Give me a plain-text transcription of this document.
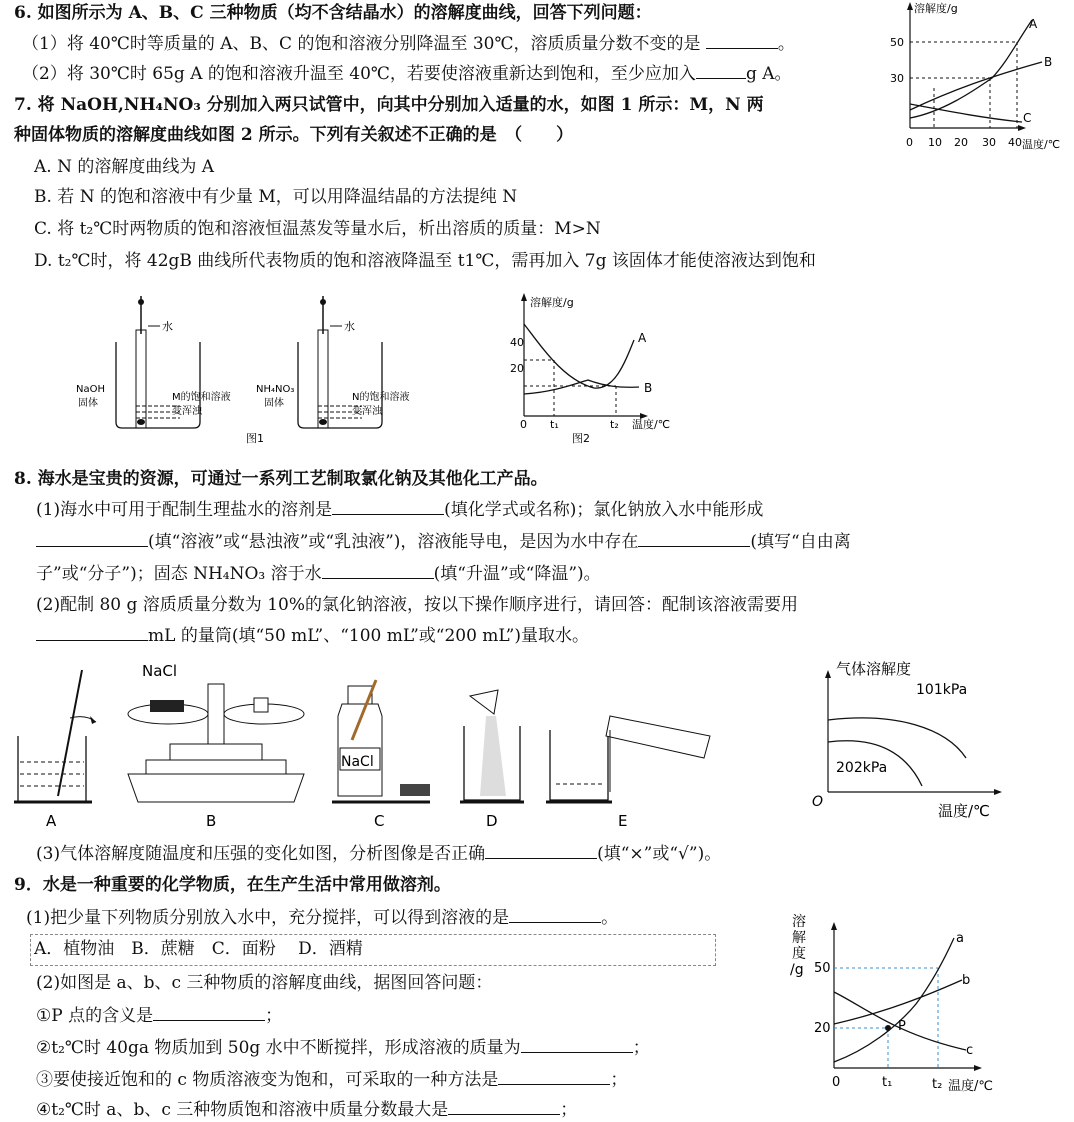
6. 如图所示为 A、B、C 三种物质（均不含结晶水）的溶解度曲线，回答下列问题：
（1）将 40℃时等质量的 A、B、C 的饱和溶液分别降温至 30℃，溶质质量分数不变的是	。
（2）将 30℃时 65g A 的饱和溶液升温至 40℃，若要使溶液重新达到饱和，至少应加入	g A。
溶解度/g
50
30
A
B
C
0 10 20 30 40 温度/℃
7. 将 NaOH,NH₄NO₃ 分别加入两只试管中，向其中分别加入适量的水，如图 1 所示：M，N 两
种固体物质的溶解度曲线如图 2 所示。下列有关叙述不正确的是　（　　）
A. N 的溶解度曲线为 A
B. 若 N 的饱和溶液中有少量 M，可以用降温结晶的方法提纯 N
C. 将 t₂℃时两物质的饱和溶液恒温蒸发等量水后，析出溶质的质量：M>N
D. t₂℃时，将 42gB 曲线所代表物质的饱和溶液降温至 t1℃，需再加入 7g 该固体才能使溶液达到饱和
水
NaOH
固体
M的饱和溶液
变浑浊
水
NH₄NO₃
固体
N的饱和溶液
变浑浊
图1
溶解度/g
40
20
A
B
0 t₁	t₂ 温度/℃
图2
8. 海水是宝贵的资源，可通过一系列工艺制取氯化钠及其他化工产品。
(1)海水中可用于配制生理盐水的溶剂是	(填化学式或名称)；氯化钠放入水中能形成
(填“溶液”或“悬浊液”或“乳浊液”)，溶液能导电，是因为水中存在	(填写“自由离
子”或“分子”)；固态 NH₄NO₃ 溶于水	(填“升温”或“降温”)。
(2)配制 80 g 溶质质量分数为 10%的氯化钠溶液，按以下操作顺序进行，请回答：配制该溶液需要用
mL 的量筒(填“50 mL”、“100 mL”或“200 mL”)量取水。
A
NaCl
B
NaCl
C	D	E
气体溶解度
101kPa
202kPa
O	温度/℃
(3)气体溶解度随温度和压强的变化如图，分析图像是否正确	(填“×”或“√”)。
9．水是一种重要的化学物质，在生产生活中常用做溶剂。
(1)把少量下列物质分别放入水中，充分搅拌，可以得到溶液的是	。
A．植物油　B．蔗糖　C．面粉　 D．酒精
(2)如图是 a、b、c 三种物质的溶解度曲线，据图回答问题：
①P 点的含义是	；
②t₂℃时 40ga 物质加到 50g 水中不断搅拌，形成溶液的质量为	；
③要使接近饱和的 c 物质溶液变为饱和，可采取的一种方法是	；
④t₂℃时 a、b、c 三种物质饱和溶液中质量分数最大是	；
溶
解
度
/g 50
20	P
a
b
c
0	t₁	t₂ 温度/℃
